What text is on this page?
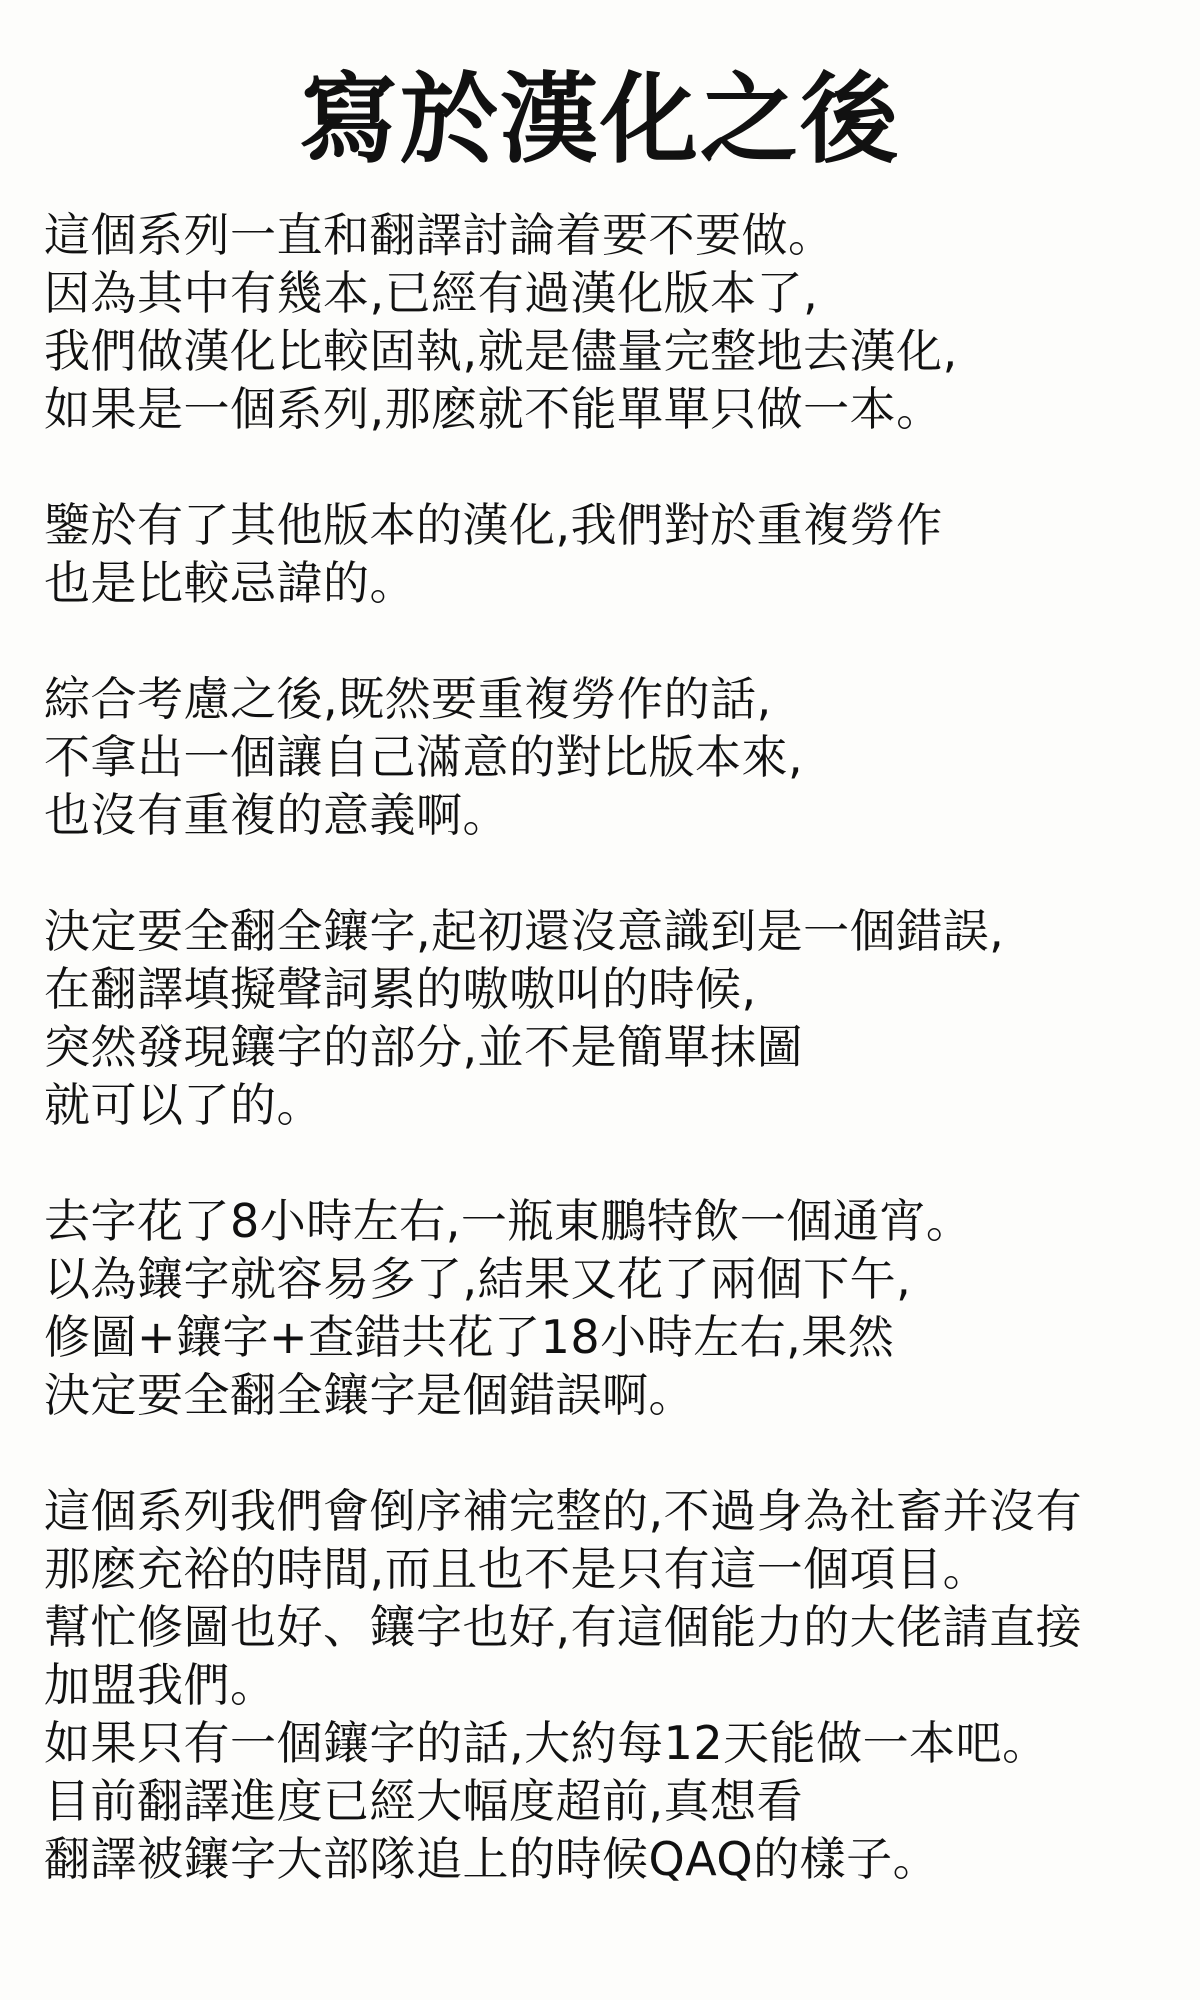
寫於漢化之後
這個系列一直和翻譯討論着要不要做。
因為其中有幾本,已經有過漢化版本了,
我們做漢化比較固執,就是儘量完整地去漢化,
如果是一個系列,那麽就不能單單只做一本。
鑒於有了其他版本的漢化,我們對於重複勞作
也是比較忌諱的。
綜合考慮之後,既然要重複勞作的話,
不拿出一個讓自己滿意的對比版本來,
也沒有重複的意義啊。
決定要全翻全鑲字,起初還沒意識到是一個錯誤,
在翻譯填擬聲詞累的嗷嗷叫的時候,
突然發現鑲字的部分,並不是簡單抹圖
就可以了的。
去字花了8小時左右,一瓶東鵬特飲一個通宵。
以為鑲字就容易多了,結果又花了兩個下午,
修圖+鑲字+查錯共花了18小時左右,果然
決定要全翻全鑲字是個錯誤啊。
這個系列我們會倒序補完整的,不過身為社畜并沒有
那麽充裕的時間,而且也不是只有這一個項目。
幫忙修圖也好、鑲字也好,有這個能力的大佬請直接
加盟我們。
如果只有一個鑲字的話,大約每12天能做一本吧。
目前翻譯進度已經大幅度超前,真想看
翻譯被鑲字大部隊追上的時候QAQ的樣子。
